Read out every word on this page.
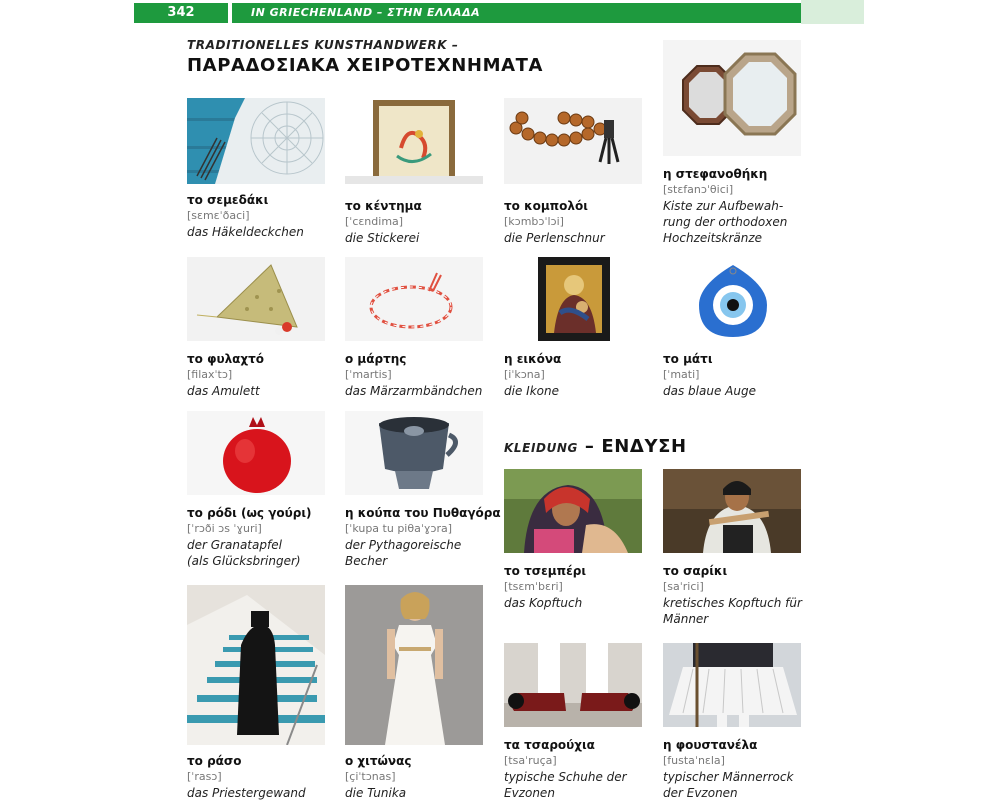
342	IN GRIECHENLAND – ΣΤΗΝ ΕΛΛΑΔΑ
TRADITIONELLES KUNSTHANDWERK –
ΠΑΡΑΔΟΣΙΑΚΑ ΧΕΙΡΟΤΕΧΝΗΜΑΤΑ
KLEIDUNG – ΕΝΔΥΣΗ
το σεμεδάκι
[sɛmɛˈðaci]
das Häkeldeckchen
το κέντημα
[ˈcɛndima]
die Stickerei
το κομπολόι
[kɔmbɔˈlɔi]
die Perlenschnur
η στεφανοθήκη
[stɛfanɔˈθici]
Kiste zur Aufbewah-
rung der orthodoxen
Hochzeitskränze
το φυλαχτό
[filaxˈtɔ]
das Amulett
ο μάρτης
[ˈmartis]
das Märzarmbändchen
η εικόνα
[iˈkɔna]
die Ikone
το μάτι
[ˈmati]
das blaue Auge
το ρόδι (ως γούρι)
[ˈrɔði ɔs ˈɣuri]
der Granatapfel
(als Glücksbringer)
η κούπα του Πυθαγόρα
[ˈkupa tu piθaˈɣɔra]
der Pythagoreische
Becher
το τσεμπέρι
[tsɛmˈbɛri]
das Kopftuch
το σαρίκι
[saˈrici]
kretisches Kopftuch für
Männer
το ράσο
[ˈrasɔ]
das Priestergewand
ο χιτώνας
[çiˈtɔnas]
die Tunika
τα τσαρούχια
[tsaˈruça]
typische Schuhe der
Evzonen
η φουστανέλα
[fustaˈnɛla]
typischer Männerrock
der Evzonen
